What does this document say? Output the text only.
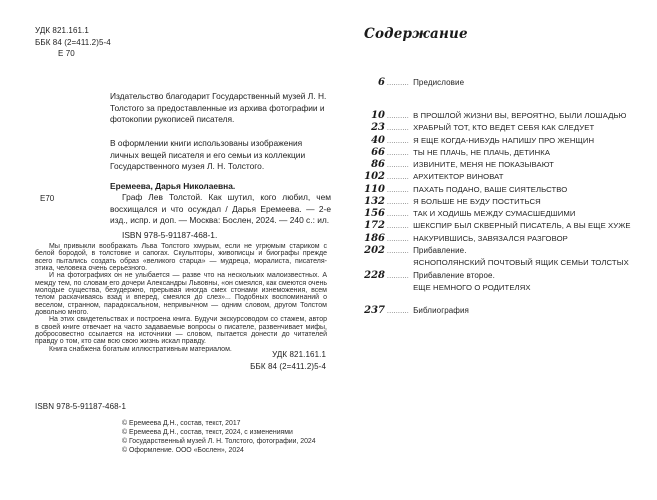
УДК 821.161.1
ББК 84 (2=411.2)5-4
Е 70
Издательство благодарит Государственный музей Л. Н. Толстого за предоставленные из архива фотографии и фотокопии рукописей писателя.
В оформлении книги использованы изображения личных вещей писателя и его семьи из коллекции Государственного музея Л. Н. Толстого.
Еремеева, Дарья Николаевна.
Е70	Граф Лев Толстой. Как шутил, кого любил, чем восхищался и что осуждал / Дарья Еремеева. — 2-е изд., испр. и доп. — Москва: Бослен, 2024. — 240 с.: ил.
ISBN 978-5-91187-468-1.

Мы привыкли воображать Льва Толстого хмурым, если не угрюмым стариком с белой бородой, в толстовке и сапогах. Скульпторы, живописцы и биографы прежде всего пытались создать образ «великого старца» — мудреца, моралиста, писателя-этика, человека очень серьезного.

И на фотографиях он не улыбается — разве что на нескольких малоизвестных. А между тем, по словам его дочери Александры Львовны, «он смеялся, как смеются очень молодые существа, безудержно, прерывая иногда смех стонами изнеможения, всем телом раскачиваясь взад и вперед, смеялся до слез»... Подобных воспоминаний о веселом, странном, парадоксальном, непривычном — одним словом, другом Толстом довольно много.

На этих свидетельствах и построена книга. Будучи экскурсоводом со стажем, автор в своей книге отвечает на часто задаваемые вопросы о писателе, развенчивает мифы, добросовестно ссылается на источники — словом, пытается донести до читателей правду о том, кто сам всю свою жизнь искал правду.

Книга снабжена богатым иллюстративным материалом.

УДК 821.161.1
ББК 84 (2=411.2)5-4
ISBN 978-5-91187-468-1
© Еремеева Д.Н., состав, текст, 2017
© Еремеева Д.Н., состав, текст, 2024, с изменениями
© Государственный музей Л. Н. Толстого, фотографии, 2024
© Оформление. ООО «Бослен», 2024
Содержание
6 .......... Предисловие
10 .......... В ПРОШЛОЙ ЖИЗНИ ВЫ, ВЕРОЯТНО, БЫЛИ ЛОШАДЬЮ
23 .......... ХРАБРЫЙ ТОТ, КТО ВЕДЕТ СЕБЯ КАК СЛЕДУЕТ
40 .......... Я ЕЩЕ КОГДА-НИБУДЬ НАПИШУ ПРО ЖЕНЩИН
66 .......... ТЫ НЕ ПЛАЧЬ, НЕ ПЛАЧЬ, ДЕТИНКА
86 .......... ИЗВИНИТЕ, МЕНЯ НЕ ПОКАЗЫВАЮТ
102 .......... АРХИТЕКТОР ВИНОВАТ
110 .......... ПАХАТЬ ПОДАНО, ВАШЕ СИЯТЕЛЬСТВО
132 .......... Я БОЛЬШЕ НЕ БУДУ ПОСТИТЬСЯ
156 .......... ТАК И ХОДИШЬ МЕЖДУ СУМАСШЕДШИМИ
172 .......... ШЕКСПИР БЫЛ СКВЕРНЫЙ ПИСАТЕЛЬ, А ВЫ ЕЩЕ ХУЖЕ
186 .......... НАКУРИВШИСЬ, ЗАВЯЗАЛСЯ РАЗГОВОР
202 .......... Прибавление.
ЯСНОПОЛЯНСКИЙ ПОЧТОВЫЙ ЯЩИК СЕМЬИ ТОЛСТЫХ
228 .......... Прибавление второе.
ЕЩЕ НЕМНОГО О РОДИТЕЛЯХ
237 .......... Библиография
